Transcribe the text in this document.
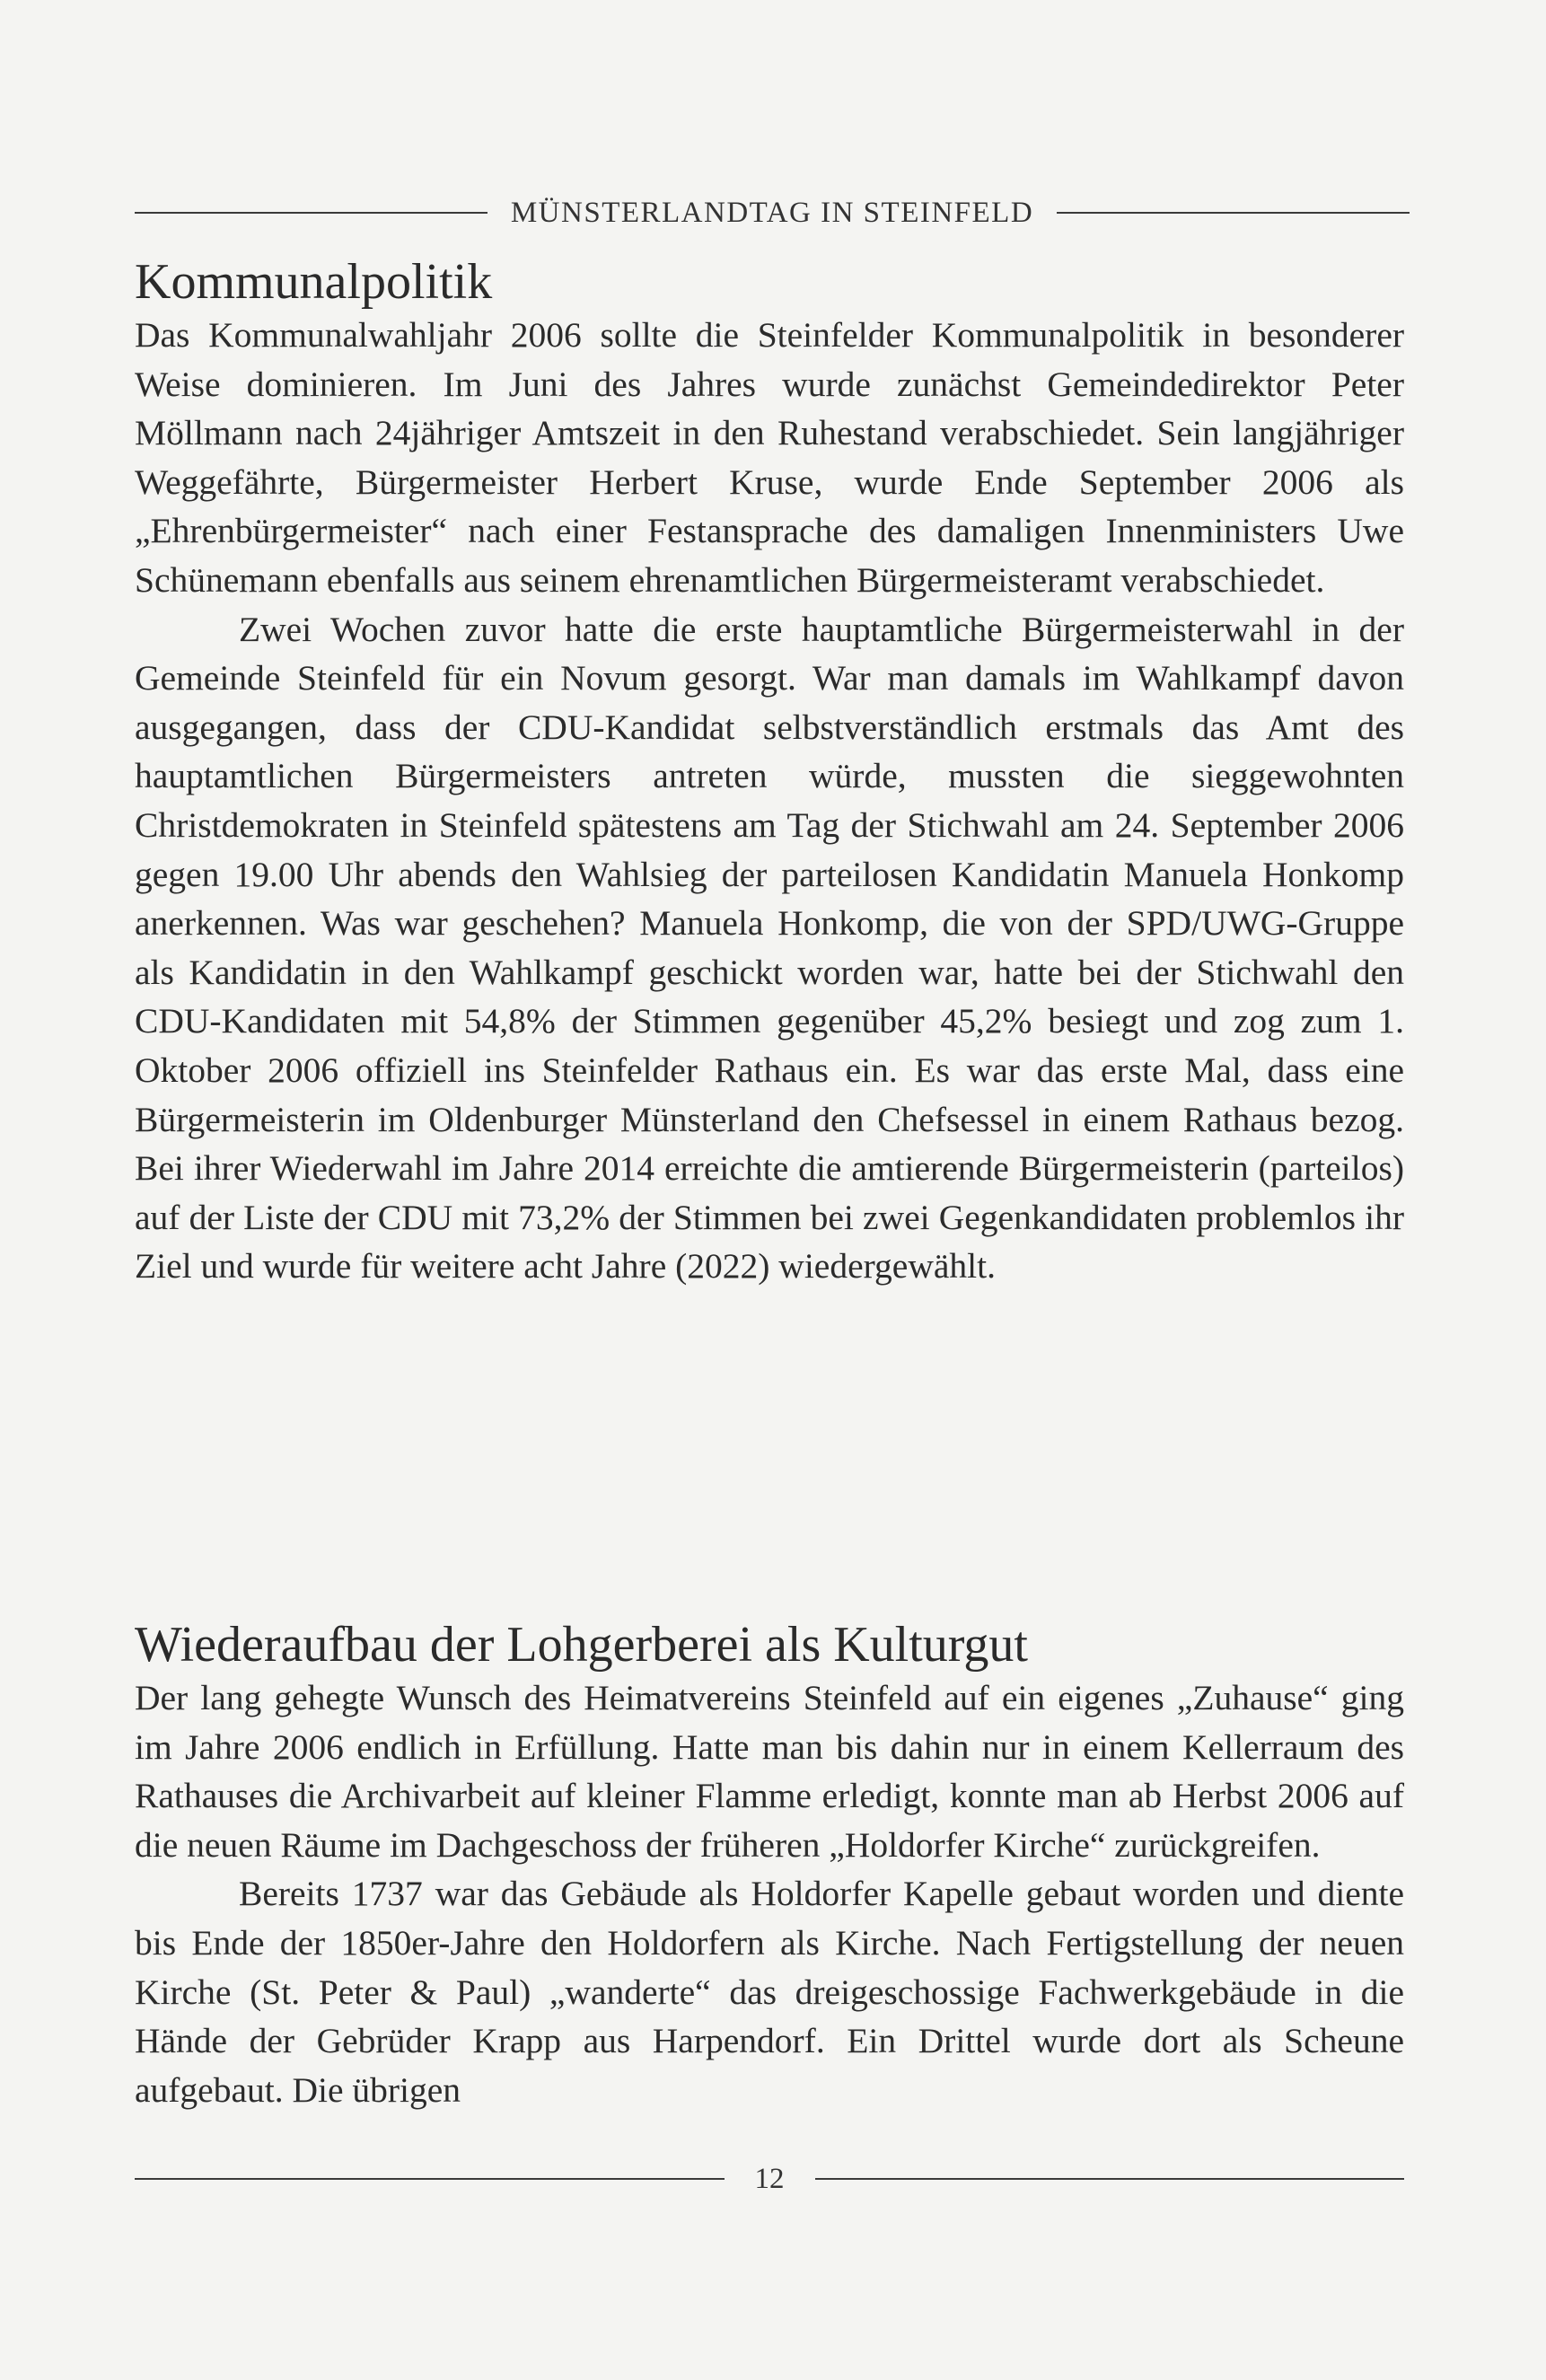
MÜNSTERLANDTAG IN STEINFELD
Kommunalpolitik

Das Kommunalwahljahr 2006 sollte die Steinfelder Kommunalpolitik in besonderer Weise dominieren. Im Juni des Jahres wurde zunächst Gemeindedirektor Peter Möllmann nach 24jähriger Amtszeit in den Ruhestand verabschiedet. Sein langjähriger Weggefährte, Bürgermeister Herbert Kruse, wurde Ende September 2006 als „Ehrenbürgermeister“ nach einer Festansprache des damaligen Innenministers Uwe Schünemann ebenfalls aus seinem ehrenamtlichen Bürgermeisteramt verabschiedet.

Zwei Wochen zuvor hatte die erste hauptamtliche Bürgermeisterwahl in der Gemeinde Steinfeld für ein Novum gesorgt. War man damals im Wahlkampf davon ausgegangen, dass der CDU-Kandidat selbstverständlich erstmals das Amt des hauptamtlichen Bürgermeisters antreten würde, mussten die sieggewohnten Christdemokraten in Steinfeld spätestens am Tag der Stichwahl am 24. September 2006 gegen 19.00 Uhr abends den Wahlsieg der parteilosen Kandidatin Manuela Honkomp anerkennen. Was war geschehen? Manuela Honkomp, die von der SPD/UWG-Gruppe als Kandidatin in den Wahlkampf geschickt worden war, hatte bei der Stichwahl den CDU-Kandidaten mit 54,8% der Stimmen gegenüber 45,2% besiegt und zog zum 1. Oktober 2006 offiziell ins Steinfelder Rathaus ein. Es war das erste Mal, dass eine Bürgermeisterin im Oldenburger Münsterland den Chefsessel in einem Rathaus bezog. Bei ihrer Wiederwahl im Jahre 2014 erreichte die amtierende Bürgermeisterin (parteilos) auf der Liste der CDU mit 73,2% der Stimmen bei zwei Gegenkandidaten problemlos ihr Ziel und wurde für weitere acht Jahre (2022) wiedergewählt.

Wiederaufbau der Lohgerberei als Kulturgut

Der lang gehegte Wunsch des Heimatvereins Steinfeld auf ein eigenes „Zuhause“ ging im Jahre 2006 endlich in Erfüllung. Hatte man bis dahin nur in einem Kellerraum des Rathauses die Archivarbeit auf kleiner Flamme erledigt, konnte man ab Herbst 2006 auf die neuen Räume im Dachgeschoss der früheren „Holdorfer Kirche“ zurückgreifen.

Bereits 1737 war das Gebäude als Holdorfer Kapelle gebaut worden und diente bis Ende der 1850er-Jahre den Holdorfern als Kirche. Nach Fertigstellung der neuen Kirche (St. Peter & Paul) „wanderte“ das dreigeschossige Fachwerkgebäude in die Hände der Gebrüder Krapp aus Harpendorf. Ein Drittel wurde dort als Scheune aufgebaut. Die übrigen

12
